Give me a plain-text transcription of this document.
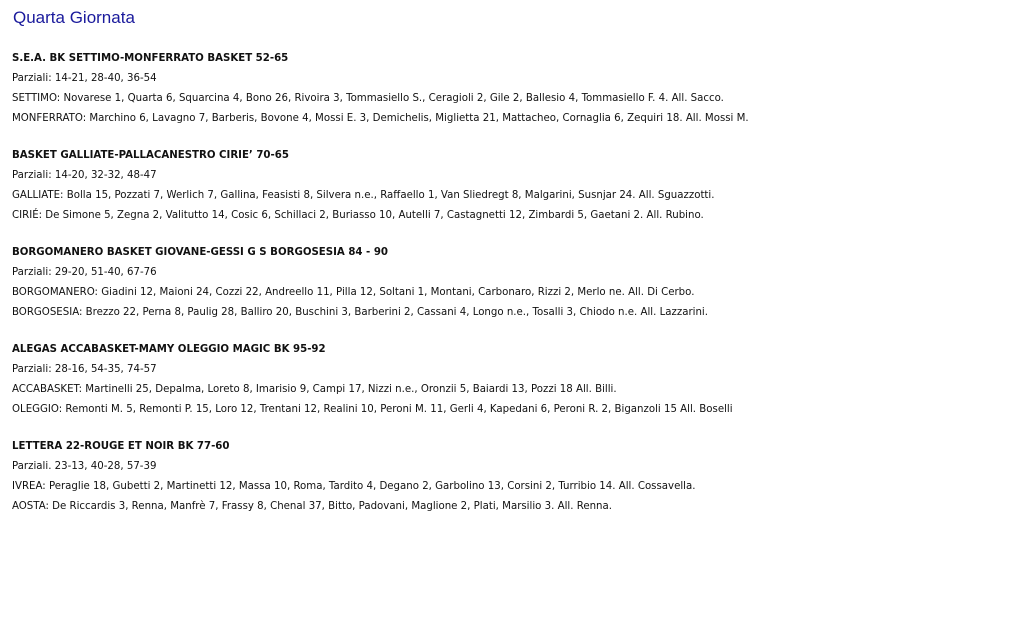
Quarta Giornata
S.E.A. BK SETTIMO-MONFERRATO BASKET 52-65
Parziali: 14-21, 28-40, 36-54
SETTIMO: Novarese 1, Quarta 6, Squarcina 4, Bono 26, Rivoira 3, Tommasiello S., Ceragioli 2, Gile 2, Ballesio 4, Tommasiello F. 4. All. Sacco.
MONFERRATO: Marchino 6, Lavagno 7, Barberis, Bovone 4, Mossi E. 3, Demichelis, Miglietta 21, Mattacheo, Cornaglia 6, Zequiri 18. All. Mossi M.
BASKET GALLIATE-PALLACANESTRO CIRIE’ 70-65
Parziali: 14-20, 32-32, 48-47
GALLIATE: Bolla 15, Pozzati 7, Werlich 7, Gallina, Feasisti 8, Silvera n.e., Raffaello 1, Van Sliedregt 8, Malgarini, Susnjar 24. All. Sguazzotti.
CIRIÉ: De Simone 5, Zegna 2, Valitutto 14, Cosic 6, Schillaci 2, Buriasso 10, Autelli 7, Castagnetti 12, Zimbardi 5, Gaetani 2. All. Rubino.
BORGOMANERO BASKET GIOVANE-GESSI G S BORGOSESIA 84 - 90
Parziali: 29-20, 51-40, 67-76
BORGOMANERO: Giadini 12, Maioni 24, Cozzi 22, Andreello 11, Pilla 12, Soltani 1, Montani, Carbonaro, Rizzi 2, Merlo ne. All. Di Cerbo.
BORGOSESIA: Brezzo 22, Perna 8, Paulig 28, Balliro 20, Buschini 3, Barberini 2, Cassani 4, Longo n.e., Tosalli 3, Chiodo n.e. All. Lazzarini.
ALEGAS ACCABASKET-MAMY OLEGGIO MAGIC BK 95-92
Parziali: 28-16, 54-35, 74-57
ACCABASKET: Martinelli 25, Depalma, Loreto 8, Imarisio 9, Campi 17, Nizzi n.e., Oronzii 5, Baiardi 13, Pozzi 18 All. Billi.
OLEGGIO: Remonti M. 5, Remonti P. 15, Loro 12, Trentani 12, Realini 10, Peroni M. 11, Gerli 4, Kapedani 6, Peroni R. 2, Biganzoli 15 All. Boselli
LETTERA 22-ROUGE ET NOIR BK 77-60
Parziali. 23-13, 40-28, 57-39
IVREA: Peraglie 18, Gubetti 2, Martinetti 12, Massa 10, Roma, Tardito 4, Degano 2, Garbolino 13, Corsini 2, Turribio 14. All. Cossavella.
AOSTA: De Riccardis 3, Renna, Manfrè 7, Frassy 8, Chenal 37, Bitto, Padovani, Maglione 2, Plati, Marsilio 3. All. Renna.
